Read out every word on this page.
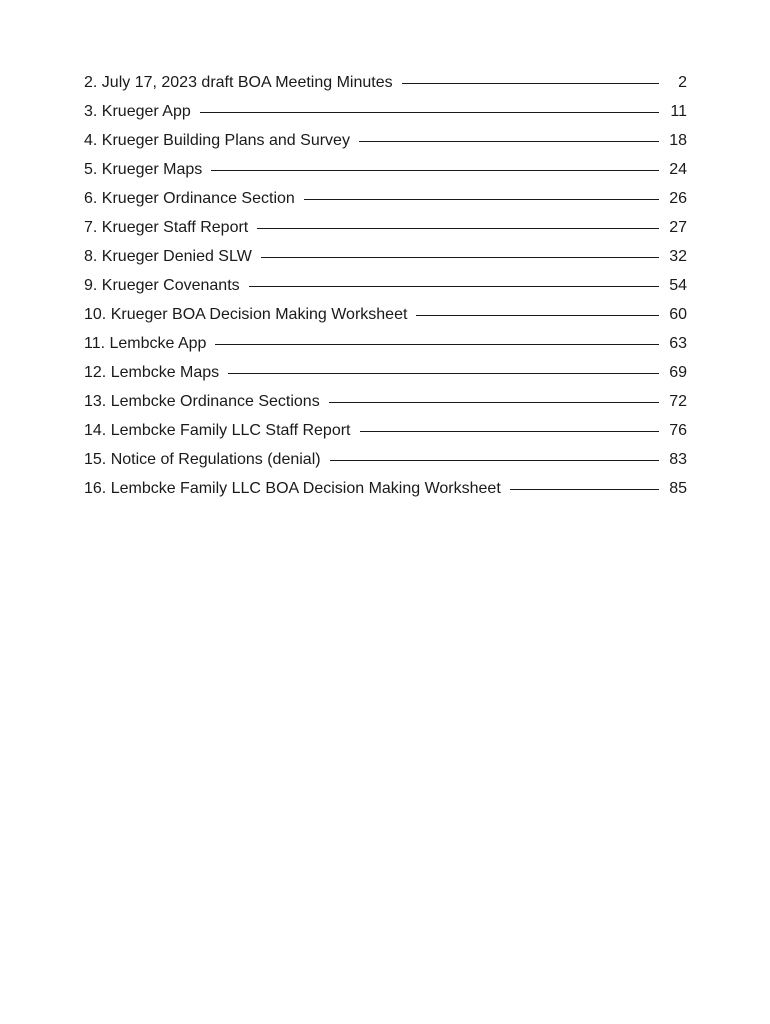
2. July 17, 2023 draft BOA Meeting Minutes	2
3. Krueger App	11
4. Krueger Building Plans and Survey	18
5. Krueger Maps	24
6. Krueger Ordinance Section	26
7. Krueger Staff Report	27
8. Krueger Denied SLW	32
9. Krueger Covenants	54
10. Krueger BOA Decision Making Worksheet	60
11. Lembcke App	63
12. Lembcke Maps	69
13. Lembcke Ordinance Sections	72
14. Lembcke Family LLC Staff Report	76
15. Notice of Regulations (denial)	83
16. Lembcke Family LLC BOA Decision Making Worksheet	85
